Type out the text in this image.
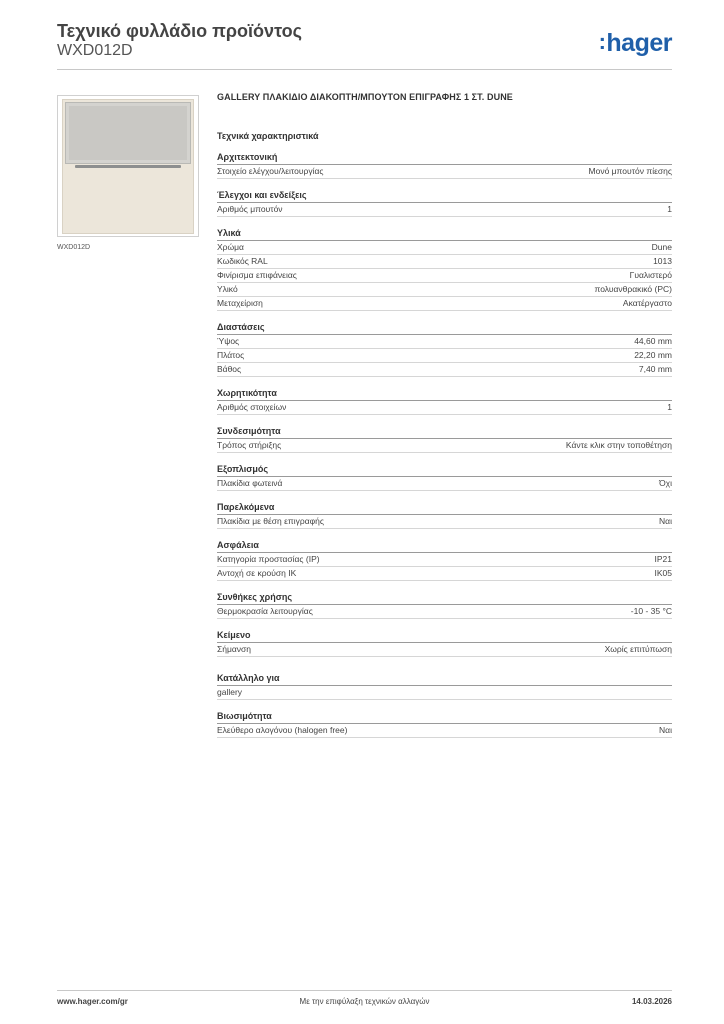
Τεχνικό φυλλάδιο προϊόντος
WXD012D	:hager
WXD012D
GALLERY ΠΛΑΚΙΔΙΟ ΔΙΑΚΟΠΤΗ/ΜΠΟΥΤΟΝ ΕΠΙΓΡΑΦΗΣ 1 ΣΤ. DUNE
Τεχνικά χαρακτηριστικά
Αρχιτεκτονική
Στοιχείο ελέγχου/λειτουργίας	Μονό μπουτόν πίεσης
Έλεγχοι και ενδείξεις
Αριθμός μπουτόν	1
Υλικά
Χρώμα	Dune
Κωδικός RAL	1013
Φινίρισμα επιφάνειας	Γυαλιστερό
Υλικό	πολυανθρακικό (PC)
Μεταχείριση	Ακατέργαστο
Διαστάσεις
Ύψος	44,60 mm
Πλάτος	22,20 mm
Βάθος	7,40 mm
Χωρητικότητα
Αριθμός στοιχείων	1
Συνδεσιμότητα
Τρόπος στήριξης	Κάντε κλικ στην τοποθέτηση
Εξοπλισμός
Πλακίδια φωτεινά	Όχι
Παρελκόμενα
Πλακίδια με θέση επιγραφής	Ναι
Ασφάλεια
Κατηγορία προστασίας (IP)	IP21
Αντοχή σε κρούση IK	IK05
Συνθήκες χρήσης
Θερμοκρασία λειτουργίας	-10 - 35 °C
Κείμενο
Σήμανση	Χωρίς επιτύπωση
Κατάλληλο για
gallery
Βιωσιμότητα
Ελεύθερο αλογόνου (halogen free)	Ναι
www.hager.com/gr	Με την επιφύλαξη τεχνικών αλλαγών	14.03.2026
